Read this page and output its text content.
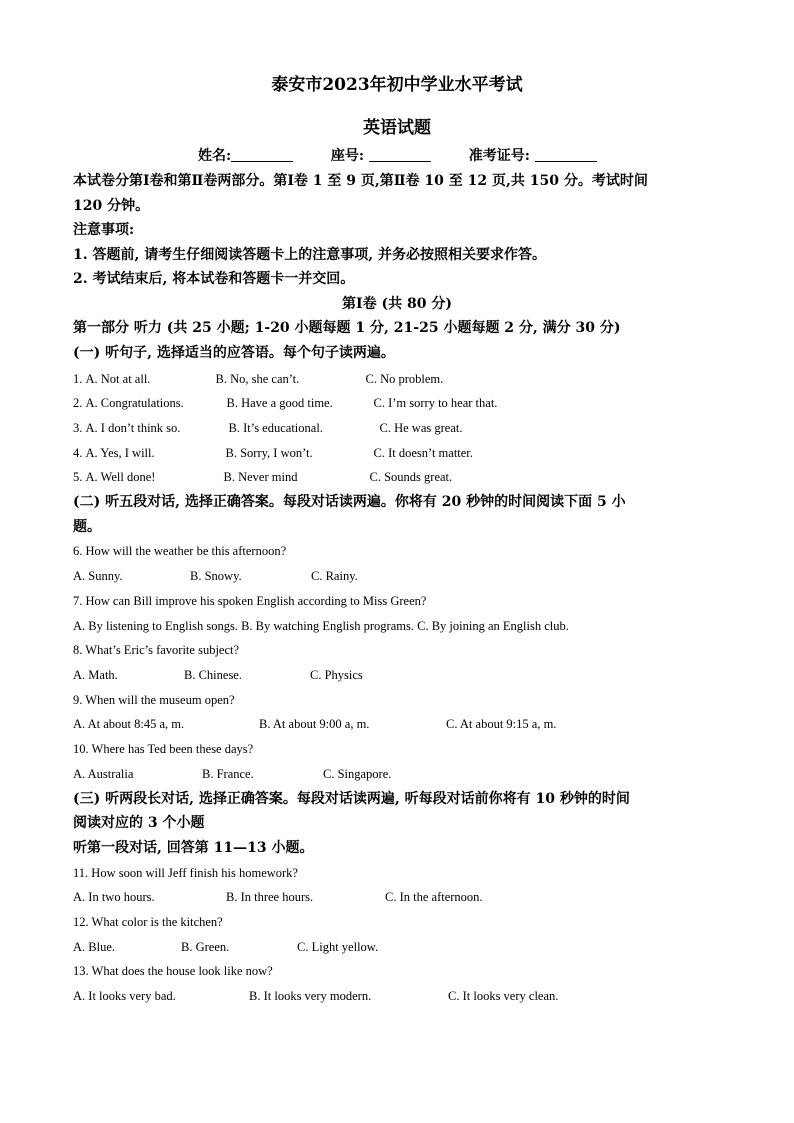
泰安市2023年初中学业水平考试
英语试题
姓名:	座号:	准考证号:
本试卷分第Ⅰ卷和第Ⅱ卷两部分。第Ⅰ卷 1 至 9 页,第Ⅱ卷 10 至 12 页,共 150 分。考试时间
120 分钟。
注意事项:
1. 答题前, 请考生仔细阅读答题卡上的注意事项, 并务必按照相关要求作答。
2. 考试结束后, 将本试卷和答题卡一并交回。
第Ⅰ卷 (共 80 分)
第一部分 听力 (共 25 小题; 1-20 小题每题 1 分, 21-25 小题每题 2 分, 满分 30 分)
(一) 听句子, 选择适当的应答语。每个句子读两遍。
1. A. Not at all.	B. No, she can’t.	C. No problem.
2. A. Congratulations.	B. Have a good time.	C. I’m sorry to hear that.
3. A. I don’t think so.	B. It’s educational.	C. He was great.
4. A. Yes, I will.	B. Sorry, I won’t.	C. It doesn’t matter.
5. A. Well done!	B. Never mind	C. Sounds great.
(二) 听五段对话, 选择正确答案。每段对话读两遍。你将有 20 秒钟的时间阅读下面 5 小
题。
6. How will the weather be this afternoon?
A. Sunny.	B. Snowy.	C. Rainy.
7. How can Bill improve his spoken English according to Miss Green?
A. By listening to English songs. B. By watching English programs. C. By joining an English club.
8. What’s Eric’s favorite subject?
A. Math.	B. Chinese.	C. Physics
9. When will the museum open?
A. At about 8:45 a, m.	B. At about 9:00 a, m.	C. At about 9:15 a, m.
10. Where has Ted been these days?
A. Australia	B. France.	C. Singapore.
(三) 听两段长对话, 选择正确答案。每段对话读两遍, 听每段对话前你将有 10 秒钟的时间
阅读对应的 3 个小题
听第一段对话, 回答第 11—13 小题。
11. How soon will Jeff finish his homework?
A. In two hours.	B. In three hours.	C. In the afternoon.
12. What color is the kitchen?
A. Blue.	B. Green.	C. Light yellow.
13. What does the house look like now?
A. It looks very bad.	B. It looks very modern.	C. It looks very clean.
